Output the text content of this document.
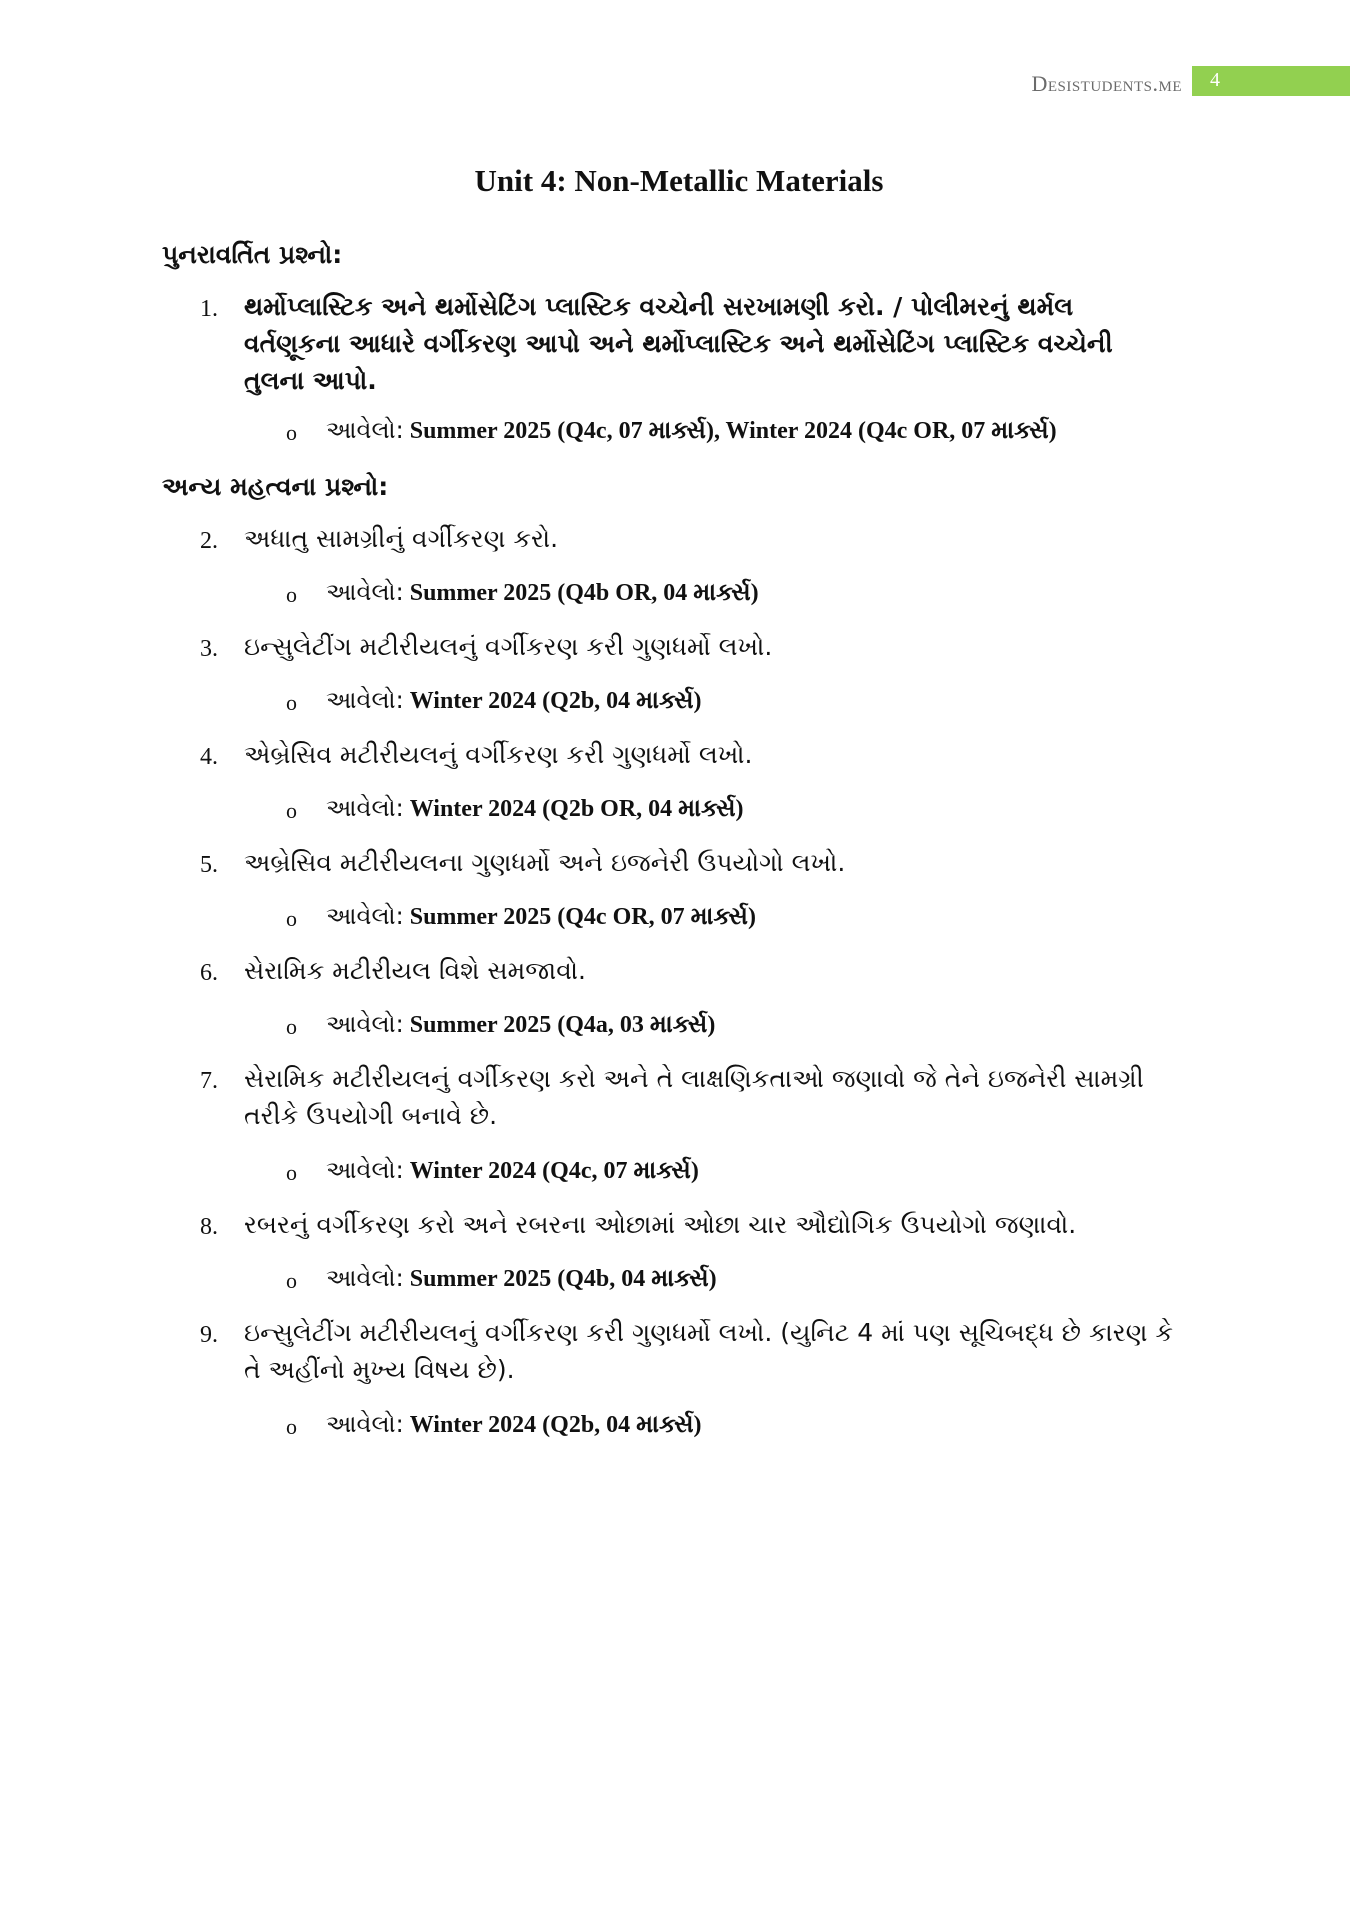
Desistudents.me 4
Unit 4: Non-Metallic Materials
પુનરાવર્તિત પ્રશ્નો:
1. થર્મોપ્લાસ્ટિક અને થર્મોસેટિંગ પ્લાસ્ટિક વચ્ચેની સરખામણી કરો. / પોલીમરનું થર્મલ વર્તણૂકના આધારે વર્ગીકરણ આપો અને થર્મોપ્લાસ્ટિક અને થર્મોસેટિંગ પ્લાસ્ટિક વચ્ચેની તુલના આપો.
o આવેલો: Summer 2025 (Q4c, 07 માર્ક્સ), Winter 2024 (Q4c OR, 07 માર્ક્સ)
અન્ય મહત્વના પ્રશ્નો:
2. અધાતુ સામગ્રીનું વર્ગીકરણ કરો.
o આવેલો: Summer 2025 (Q4b OR, 04 માર્ક્સ)
3. ઇન્સુલેટીંગ મટીરીયલનું વર્ગીકરણ કરી ગુણધર્મો લખો.
o આવેલો: Winter 2024 (Q2b, 04 માર્ક્સ)
4. એબ્રેસિવ મટીરીયલનું વર્ગીકરણ કરી ગુણધર્મો લખો.
o આવેલો: Winter 2024 (Q2b OR, 04 માર્ક્સ)
5. અબ્રેસિવ મટીરીયલના ગુણધર્મો અને ઇજનેરી ઉપયોગો લખો.
o આવેલો: Summer 2025 (Q4c OR, 07 માર્ક્સ)
6. સેરામિક મટીરીયલ વિશે સમજાવો.
o આવેલો: Summer 2025 (Q4a, 03 માર્ક્સ)
7. સેરામિક મટીરીયલનું વર્ગીકરણ કરો અને તે લાક્ષણિકતાઓ જણાવો જે તેને ઇજનેરી સામગ્રી તરીકે ઉપયોગી બનાવે છે.
o આવેલો: Winter 2024 (Q4c, 07 માર્ક્સ)
8. રબરનું વર્ગીકરણ કરો અને રબરના ઓછામાં ઓછા ચાર ઔદ્યોગિક ઉપયોગો જણાવો.
o આવેલો: Summer 2025 (Q4b, 04 માર્ક્સ)
9. ઇન્સુલેટીંગ મટીરીયલનું વર્ગીકરણ કરી ગુણધર્મો લખો. (યુનિટ 4 માં પણ સૂચિબદ્ધ છે કારણ કે તે અહીંનો મુખ્ય વિષય છે).
o આવેલો: Winter 2024 (Q2b, 04 માર્ક્સ)
